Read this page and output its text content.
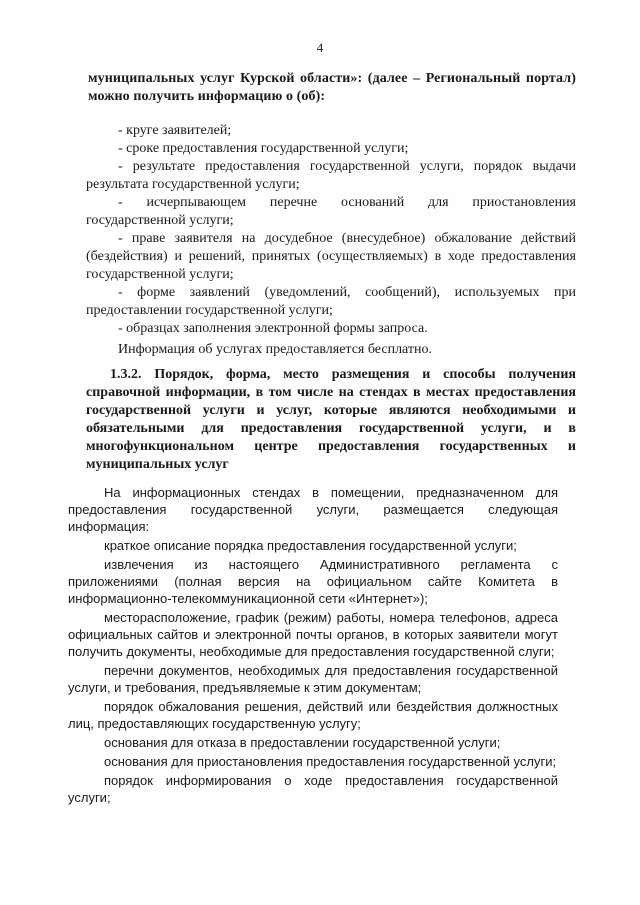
4
муниципальных услуг Курской области»: (далее – Региональный портал) можно получить информацию о (об):

- круге заявителей;

- сроке предоставления государственной услуги;

- результате предоставления государственной услуги, порядок выдачи результата государственной услуги;

- исчерпывающем перечне оснований для приостановления государственной услуги;

- праве заявителя на досудебное (внесудебное) обжалование действий (бездействия) и решений, принятых (осуществляемых) в ходе предоставления государственной услуги;

- форме заявлений (уведомлений, сообщений), используемых при предоставлении государственной услуги;

- образцах заполнения электронной формы запроса.

Информация об услугах предоставляется бесплатно.

1.3.2. Порядок, форма, место размещения и способы получения справочной информации, в том числе на стендах в местах предоставления государственной услуги и услуг, которые являются необходимыми и обязательными для предоставления государственной услуги, и в многофункциональном центре предоставления государственных и муниципальных услуг

На информационных стендах в помещении, предназначенном для предоставления государственной услуги, размещается следующая информация:

краткое описание порядка предоставления государственной услуги;

извлечения из настоящего Административного регламента с приложениями (полная версия на официальном сайте Комитета в информационно-телекоммуникационной сети «Интернет»);

месторасположение, график (режим) работы, номера телефонов, адреса официальных сайтов и электронной почты органов, в которых заявители могут получить документы, необходимые для предоставления государственной слуги;

перечни документов, необходимых для предоставления государственной услуги, и требования, предъявляемые к этим документам;

порядок обжалования решения, действий или бездействия должностных лиц, предоставляющих государственную услугу;

основания для отказа в предоставлении государственной услуги;

основания для приостановления предоставления государственной услуги;

порядок информирования о ходе предоставления государственной услуги;
